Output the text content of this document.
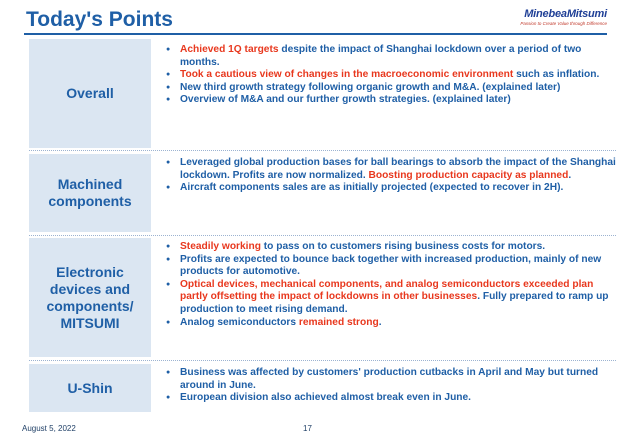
Today's Points	MinebeaMitsumi
Passion to Create Value through Difference
Overall
● Achieved 1Q targets despite the impact of Shanghai lockdown over a period of two months.
● Took a cautious view of changes in the macroeconomic environment such as inflation.
● New third growth strategy following organic growth and M&A. (explained later)
● Overview of M&A and our further growth strategies. (explained later)
Machined
components
● Leveraged global production bases for ball bearings to absorb the impact of the Shanghai lockdown. Profits are now normalized. Boosting production capacity as planned.
● Aircraft components sales are as initially projected (expected to recover in 2H).
Electronic
devices and
components/
MITSUMI
● Steadily working to pass on to customers rising business costs for motors.
● Profits are expected to bounce back together with increased production, mainly of new products for automotive.
● Optical devices, mechanical components, and analog semiconductors exceeded plan partly offsetting the impact of lockdowns in other businesses. Fully prepared to ramp up production to meet rising demand.
● Analog semiconductors remained strong.
U-Shin
● Business was affected by customers' production cutbacks in April and May but turned around in June.
● European division also achieved almost break even in June.
August 5, 2022	17
